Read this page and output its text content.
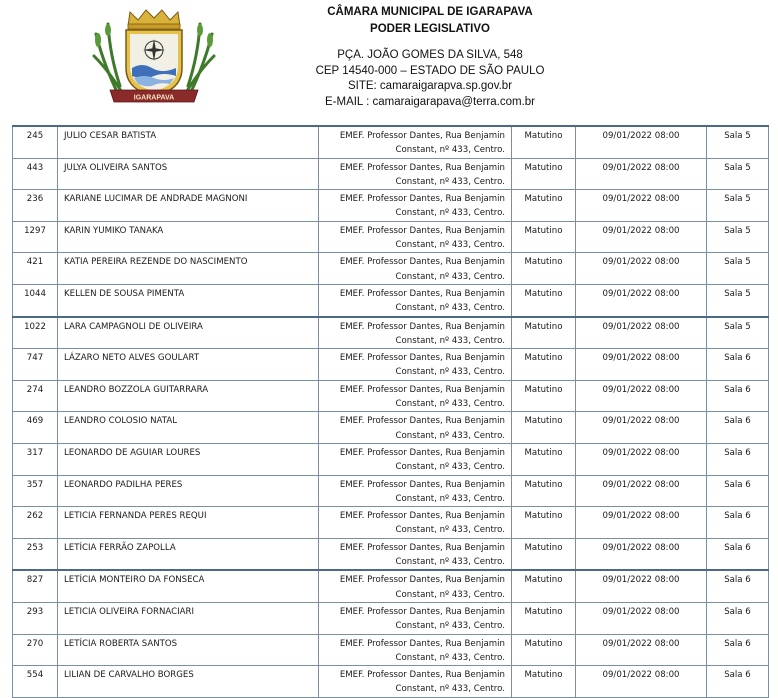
IGARAPAVA
CÂMARA MUNICIPAL DE IGARAPAVA
PODER LEGISLATIVO
PÇA. JOÃO GOMES DA SILVA, 548
CEP 14540-000 – ESTADO DE SÃO PAULO
SITE: camaraigarapva.sp.gov.br
E-MAIL : camaraigarapava@terra.com.br
245	JULIO CESAR BATISTA	EMEF. Professor Dantes, Rua Benjamin
Constant, nº 433, Centro.	Matutino	09/01/2022 08:00	Sala 5
443	JULYA OLIVEIRA SANTOS	EMEF. Professor Dantes, Rua Benjamin
Constant, nº 433, Centro.	Matutino	09/01/2022 08:00	Sala 5
236	KARIANE LUCIMAR DE ANDRADE MAGNONI	EMEF. Professor Dantes, Rua Benjamin
Constant, nº 433, Centro.	Matutino	09/01/2022 08:00	Sala 5
1297	KARIN YUMIKO TANAKA	EMEF. Professor Dantes, Rua Benjamin
Constant, nº 433, Centro.	Matutino	09/01/2022 08:00	Sala 5
421	KATIA PEREIRA REZENDE DO NASCIMENTO	EMEF. Professor Dantes, Rua Benjamin
Constant, nº 433, Centro.	Matutino	09/01/2022 08:00	Sala 5
1044	KELLEN DE SOUSA PIMENTA	EMEF. Professor Dantes, Rua Benjamin
Constant, nº 433, Centro.	Matutino	09/01/2022 08:00	Sala 5
1022	LARA CAMPAGNOLI DE OLIVEIRA	EMEF. Professor Dantes, Rua Benjamin
Constant, nº 433, Centro.	Matutino	09/01/2022 08:00	Sala 5
747	LÁZARO NETO ALVES GOULART	EMEF. Professor Dantes, Rua Benjamin
Constant, nº 433, Centro.	Matutino	09/01/2022 08:00	Sala 6
274	LEANDRO BOZZOLA GUITARRARA	EMEF. Professor Dantes, Rua Benjamin
Constant, nº 433, Centro.	Matutino	09/01/2022 08:00	Sala 6
469	LEANDRO COLOSIO NATAL	EMEF. Professor Dantes, Rua Benjamin
Constant, nº 433, Centro.	Matutino	09/01/2022 08:00	Sala 6
317	LEONARDO DE AGUIAR LOURES	EMEF. Professor Dantes, Rua Benjamin
Constant, nº 433, Centro.	Matutino	09/01/2022 08:00	Sala 6
357	LEONARDO PADILHA PERES	EMEF. Professor Dantes, Rua Benjamin
Constant, nº 433, Centro.	Matutino	09/01/2022 08:00	Sala 6
262	LETICIA FERNANDA PERES REQUI	EMEF. Professor Dantes, Rua Benjamin
Constant, nº 433, Centro.	Matutino	09/01/2022 08:00	Sala 6
253	LETÍCIA FERRÃO ZAPOLLA	EMEF. Professor Dantes, Rua Benjamin
Constant, nº 433, Centro.	Matutino	09/01/2022 08:00	Sala 6
827	LETÍCIA MONTEIRO DA FONSECA	EMEF. Professor Dantes, Rua Benjamin
Constant, nº 433, Centro.	Matutino	09/01/2022 08:00	Sala 6
293	LETICIA OLIVEIRA FORNACIARI	EMEF. Professor Dantes, Rua Benjamin
Constant, nº 433, Centro.	Matutino	09/01/2022 08:00	Sala 6
270	LETÍCIA ROBERTA SANTOS	EMEF. Professor Dantes, Rua Benjamin
Constant, nº 433, Centro.	Matutino	09/01/2022 08:00	Sala 6
554	LILIAN DE CARVALHO BORGES	EMEF. Professor Dantes, Rua Benjamin
Constant, nº 433, Centro.	Matutino	09/01/2022 08:00	Sala 6
